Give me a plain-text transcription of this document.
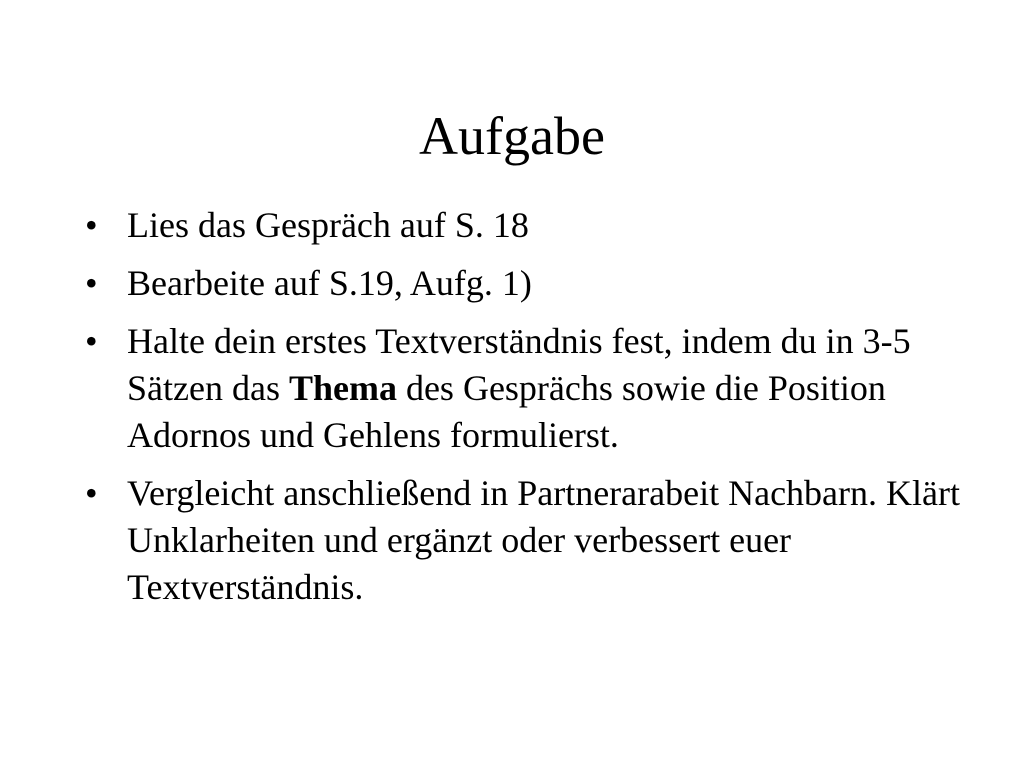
Aufgabe
• Lies das Gespräch auf S. 18
• Bearbeite auf S.19, Aufg. 1)
• Halte dein erstes Textverständnis fest, indem du in 3-5 Sätzen das Thema des Gesprächs sowie die Position Adornos und Gehlens formulierst.
• Vergleicht anschließend in Partnerarabeit Nachbarn. Klärt Unklarheiten und ergänzt oder verbessert euer Textverständnis.
